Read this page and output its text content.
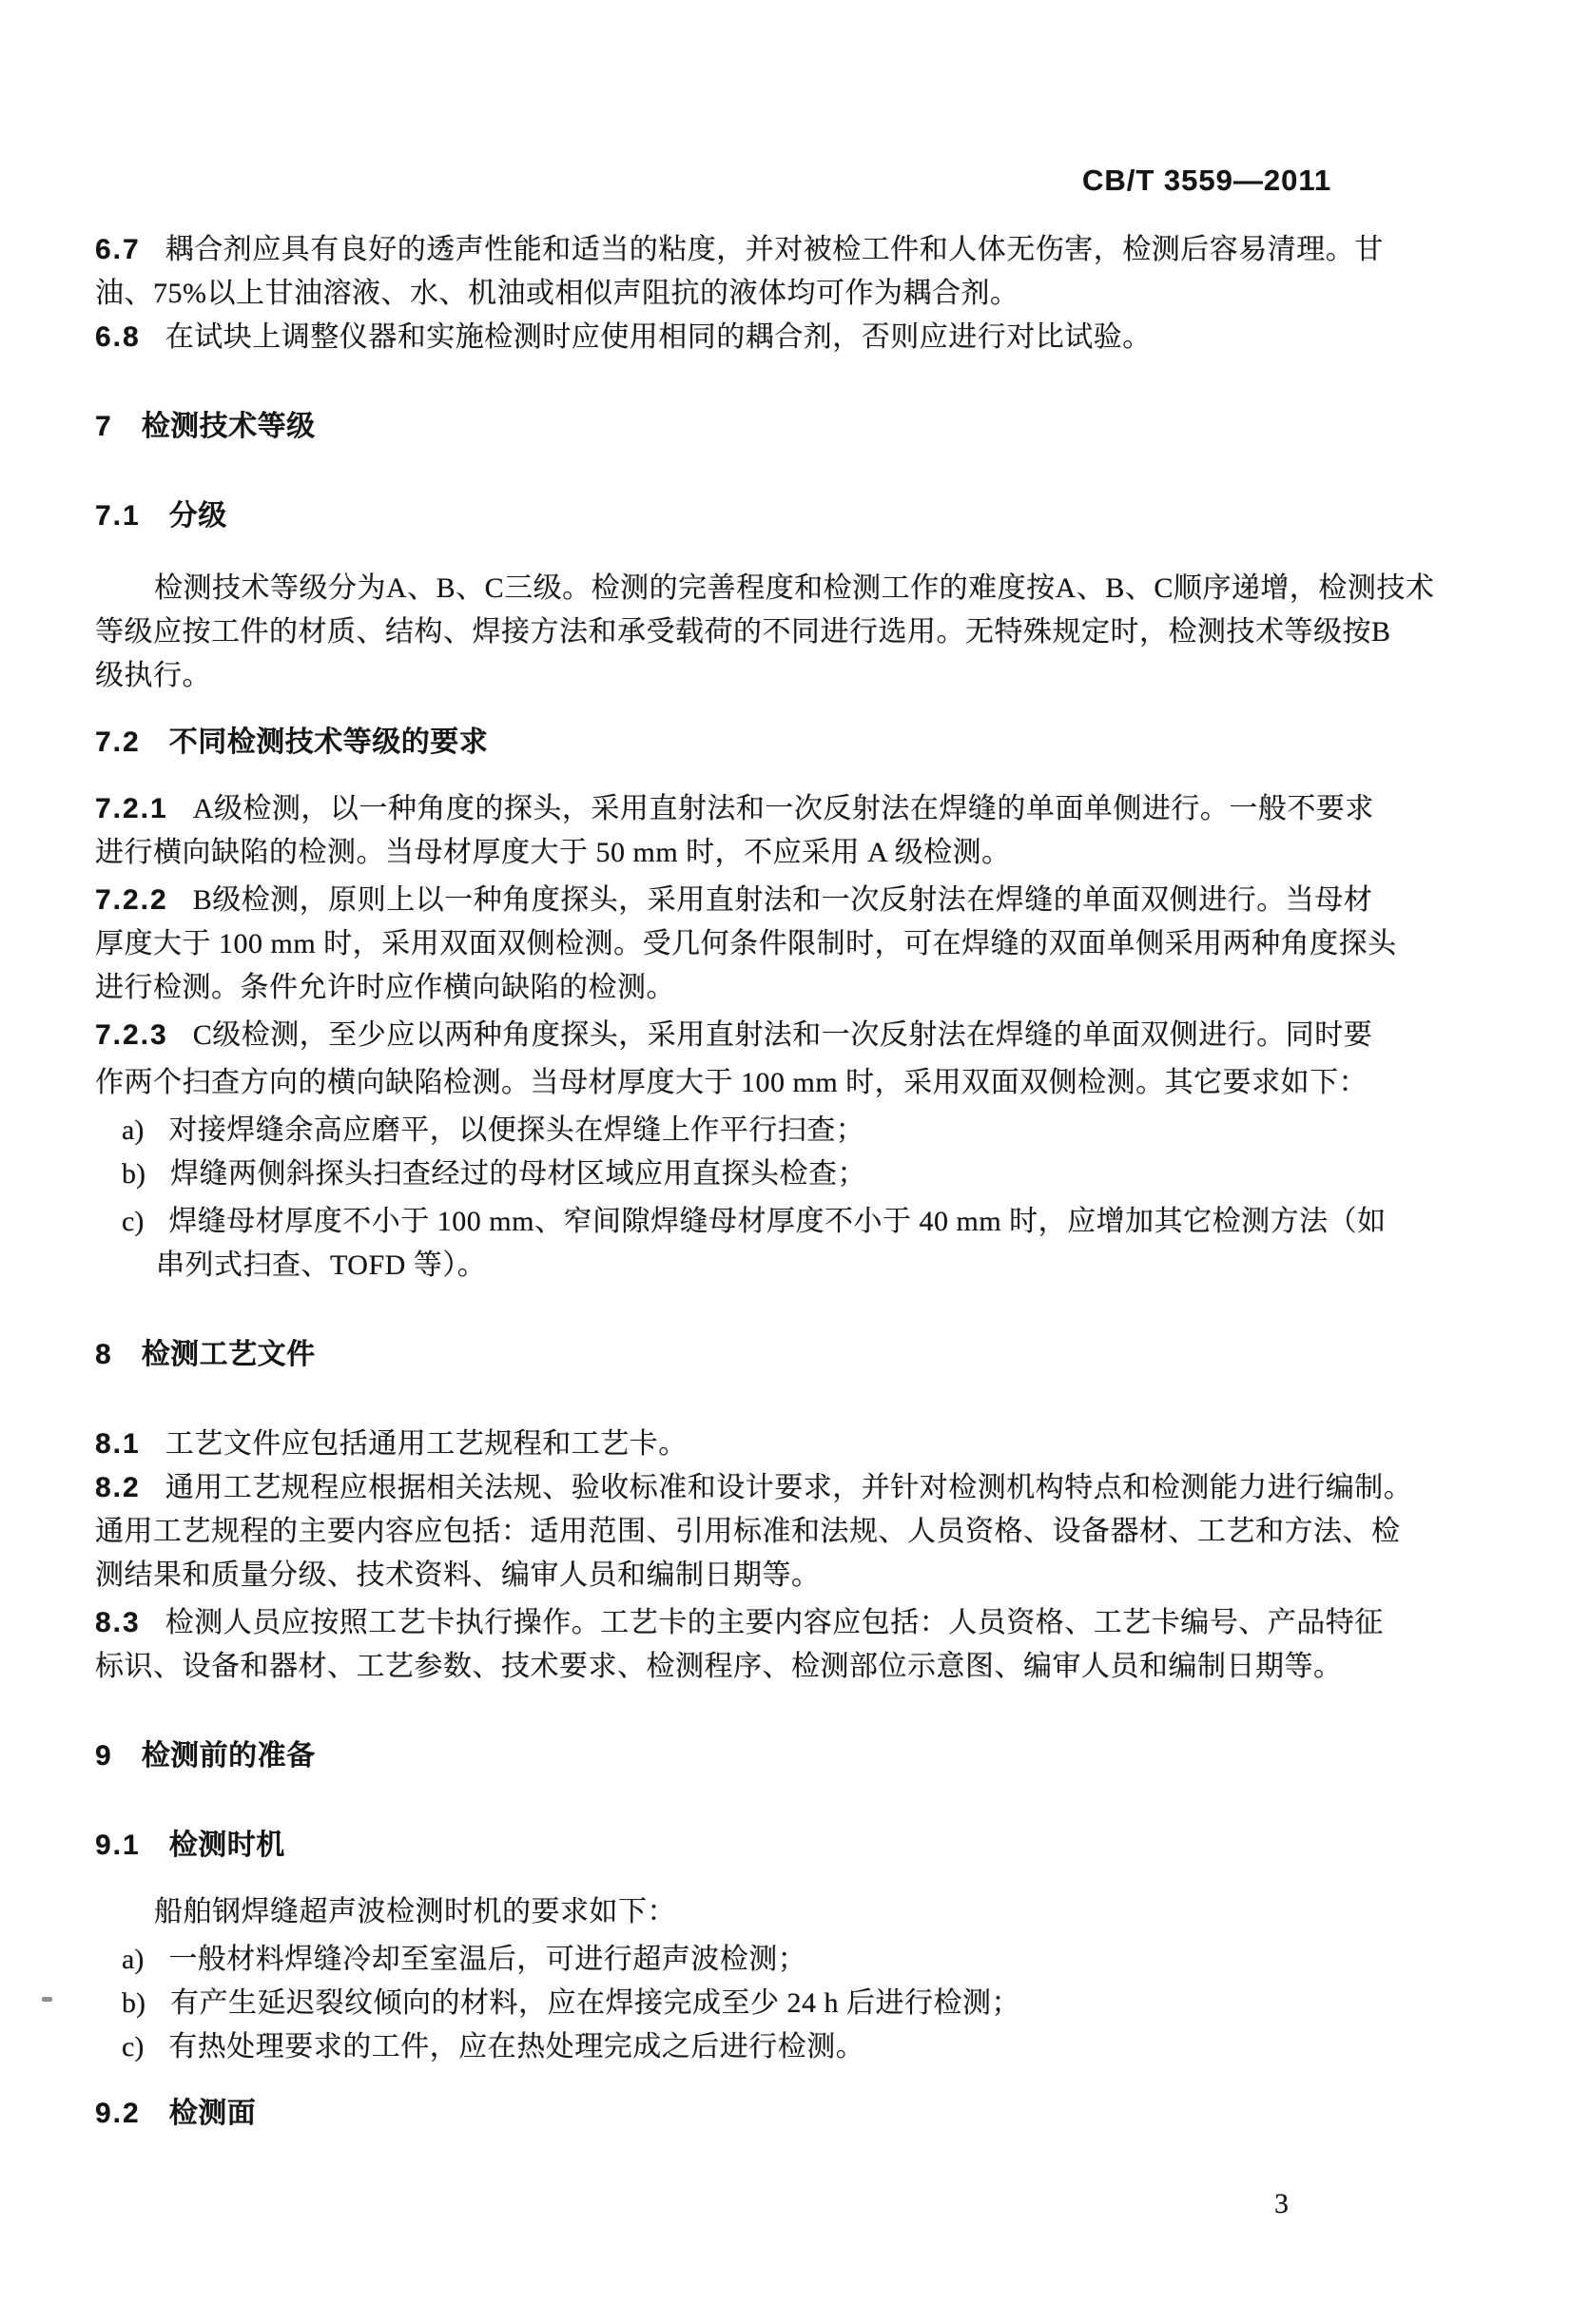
CB/T 3559—2011
6.7 耦合剂应具有良好的透声性能和适当的粘度，并对被检工件和人体无伤害，检测后容易清理。甘
油、75%以上甘油溶液、水、机油或相似声阻抗的液体均可作为耦合剂。
6.8 在试块上调整仪器和实施检测时应使用相同的耦合剂，否则应进行对比试验。
7 检测技术等级
7.1 分级
检测技术等级分为A、B、C三级。检测的完善程度和检测工作的难度按A、B、C顺序递增，检测技术
等级应按工件的材质、结构、焊接方法和承受载荷的不同进行选用。无特殊规定时，检测技术等级按B
级执行。
7.2 不同检测技术等级的要求
7.2.1 A级检测，以一种角度的探头，采用直射法和一次反射法在焊缝的单面单侧进行。一般不要求
进行横向缺陷的检测。当母材厚度大于 50 mm 时，不应采用 A 级检测。
7.2.2 B级检测，原则上以一种角度探头，采用直射法和一次反射法在焊缝的单面双侧进行。当母材
厚度大于 100 mm 时，采用双面双侧检测。受几何条件限制时，可在焊缝的双面单侧采用两种角度探头
进行检测。条件允许时应作横向缺陷的检测。
7.2.3 C级检测，至少应以两种角度探头，采用直射法和一次反射法在焊缝的单面双侧进行。同时要
作两个扫查方向的横向缺陷检测。当母材厚度大于 100 mm 时，采用双面双侧检测。其它要求如下：
a) 对接焊缝余高应磨平，以便探头在焊缝上作平行扫查；
b) 焊缝两侧斜探头扫查经过的母材区域应用直探头检查；
c) 焊缝母材厚度不小于 100 mm、窄间隙焊缝母材厚度不小于 40 mm 时，应增加其它检测方法（如
串列式扫查、TOFD 等）。
8 检测工艺文件
8.1 工艺文件应包括通用工艺规程和工艺卡。
8.2 通用工艺规程应根据相关法规、验收标准和设计要求，并针对检测机构特点和检测能力进行编制。
通用工艺规程的主要内容应包括：适用范围、引用标准和法规、人员资格、设备器材、工艺和方法、检
测结果和质量分级、技术资料、编审人员和编制日期等。
8.3 检测人员应按照工艺卡执行操作。工艺卡的主要内容应包括：人员资格、工艺卡编号、产品特征
标识、设备和器材、工艺参数、技术要求、检测程序、检测部位示意图、编审人员和编制日期等。
9 检测前的准备
9.1 检测时机
船舶钢焊缝超声波检测时机的要求如下：
a) 一般材料焊缝冷却至室温后，可进行超声波检测；
b) 有产生延迟裂纹倾向的材料，应在焊接完成至少 24 h 后进行检测；
c) 有热处理要求的工件，应在热处理完成之后进行检测。
9.2 检测面
3
